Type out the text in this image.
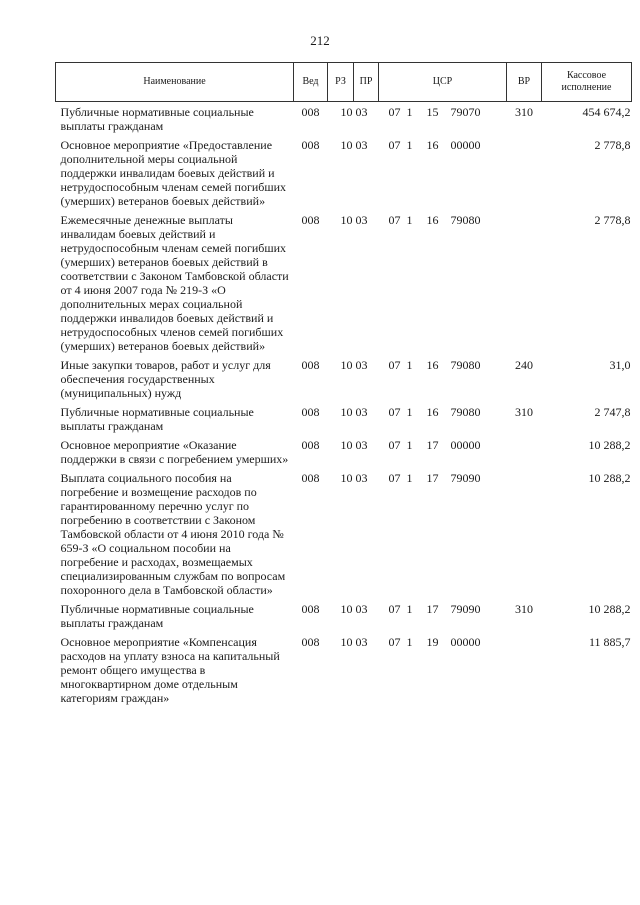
212
Наименование	Вед	РЗ	ПР	ЦСР	ВР	Кассовое исполнение
Публичные нормативные социальные выплаты гражданам	008	10	03	07 1 15 79070	310	454 674,2
Основное мероприятие «Предоставление дополнительной меры социальной поддержки инвалидам боевых действий и нетрудоспособным членам семей погибших (умерших) ветеранов боевых действий»	008	10	03	07 1 16 00000		2 778,8
Ежемесячные денежные выплаты инвалидам боевых действий и нетрудоспособным членам семей погибших (умерших) ветеранов боевых действий в соответствии с Законом Тамбовской области от 4 июня 2007 года № 219-З «О дополнительных мерах социальной поддержки инвалидов боевых действий и нетрудоспособных членов семей погибших (умерших) ветеранов боевых действий»	008	10	03	07 1 16 79080		2 778,8
Иные закупки товаров, работ и услуг для обеспечения государственных (муниципальных) нужд	008	10	03	07 1 16 79080	240	31,0
Публичные нормативные социальные выплаты гражданам	008	10	03	07 1 16 79080	310	2 747,8
Основное мероприятие «Оказание поддержки в связи с погребением умерших»	008	10	03	07 1 17 00000		10 288,2
Выплата социального пособия на погребение и возмещение расходов по гарантированному перечню услуг по погребению в соответствии с Законом Тамбовской области от 4 июня 2010 года № 659-З «О социальном пособии на погребение и расходах, возмещаемых специализированным службам по вопросам похоронного дела в Тамбовской области»	008	10	03	07 1 17 79090		10 288,2
Публичные нормативные социальные выплаты гражданам	008	10	03	07 1 17 79090	310	10 288,2
Основное мероприятие «Компенсация расходов на уплату взноса на капитальный ремонт общего имущества в многоквартирном доме отдельным категориям граждан»	008	10	03	07 1 19 00000		11 885,7
